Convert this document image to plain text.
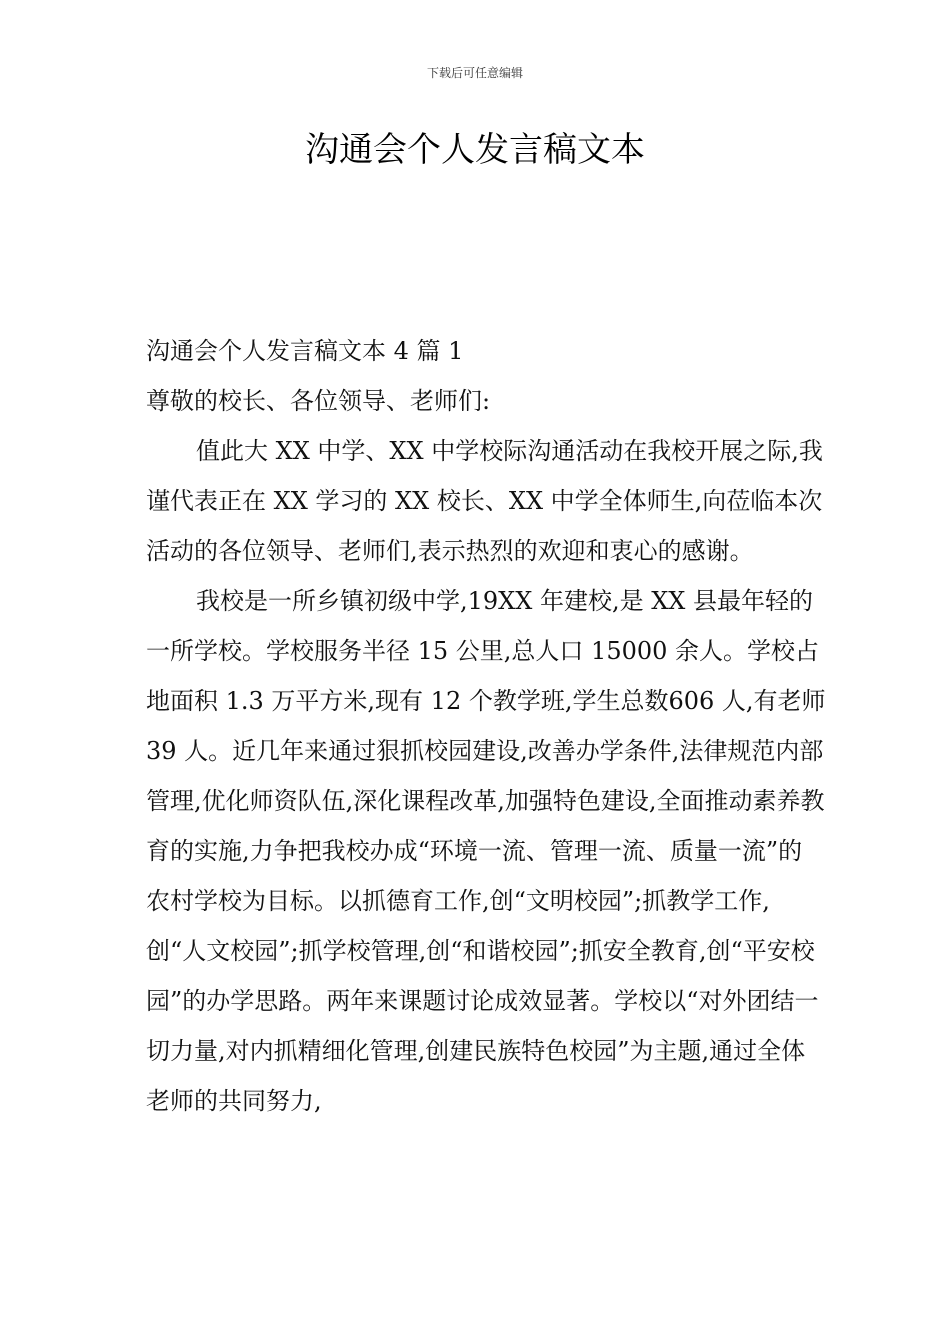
下载后可任意编辑
沟通会个人发言稿文本

沟通会个人发言稿文本 4 篇 1

尊敬的校长、各位领导、老师们:

值此大 XX 中学、XX 中学校际沟通活动在我校开展之际,我谨代表正在 XX 学习的 XX 校长、XX 中学全体师生,向莅临本次活动的各位领导、老师们,表示热烈的欢迎和衷心的感谢。

我校是一所乡镇初级中学,19XX 年建校,是 XX 县最年轻的一所学校。学校服务半径 15 公里,总人口 15000 余人。学校占地面积 1.3 万平方米,现有 12 个教学班,学生总数606 人,有老师 39 人。近几年来通过狠抓校园建设,改善办学条件,法律规范内部管理,优化师资队伍,深化课程改革,加强特色建设,全面推动素养教育的实施,力争把我校办成“环境一流、管理一流、质量一流”的农村学校为目标。以抓德育工作,创“文明校园”;抓教学工作,创“人文校园”;抓学校管理,创“和谐校园”;抓安全教育,创“平安校园”的办学思路。两年来课题讨论成效显著。学校以“对外团结一切力量,对内抓精细化管理,创建民族特色校园”为主题,通过全体老师的共同努力,
